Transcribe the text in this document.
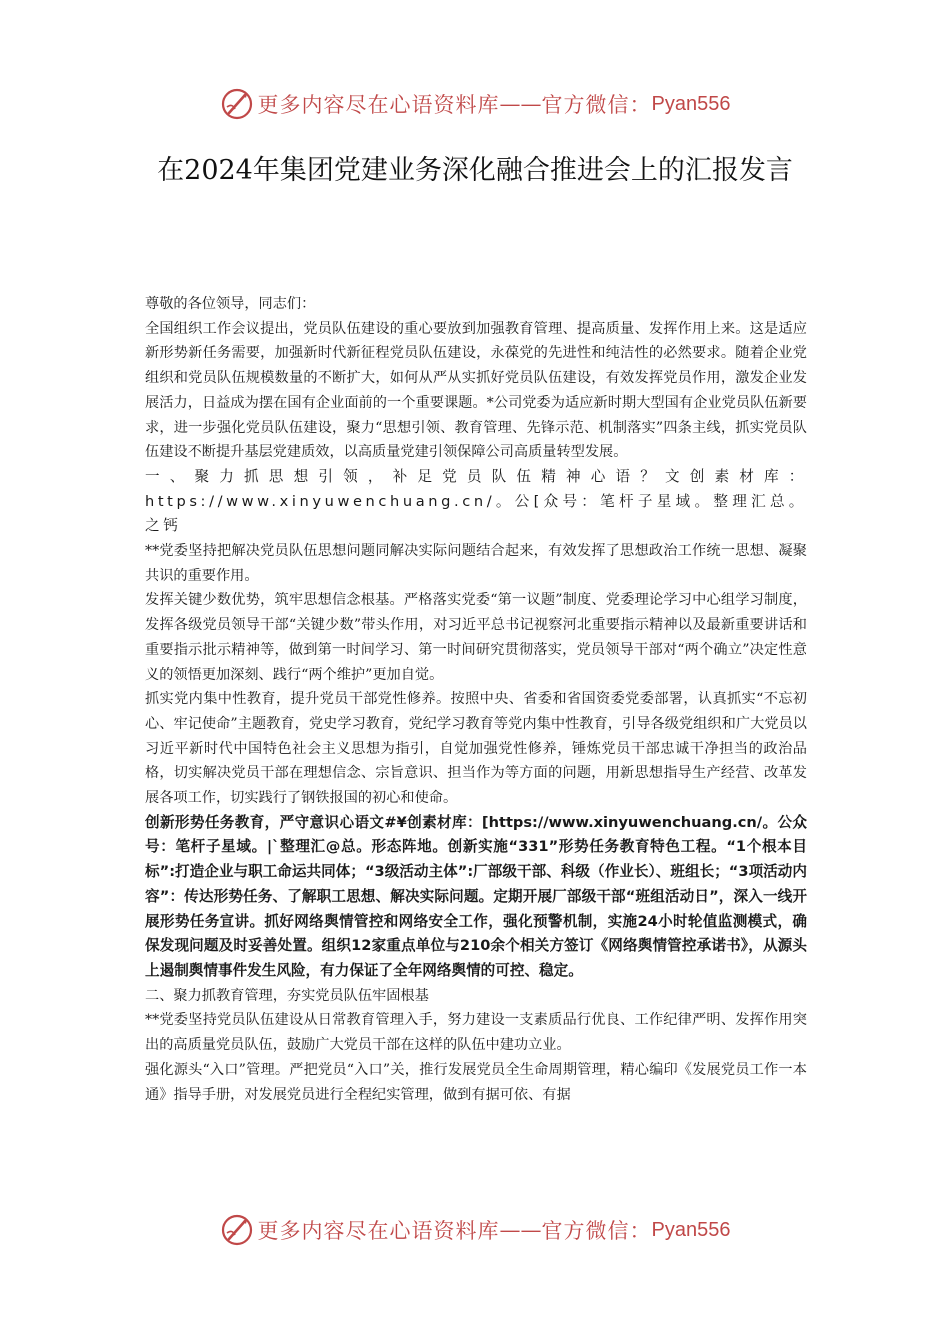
更多内容尽在心语资料库 —— 官方微信： Pyan556
在2024年集团党建业务深化融合推进会上的汇报发言

尊敬的各位领导，同志们：

全国组织工作会议提出，党员队伍建设的重心要放到加强教育管理、提高质量、发挥作用上来。这是适应新形势新任务需要，加强新时代新征程党员队伍建设，永葆党的先进性和纯洁性的必然要求。随着企业党组织和党员队伍规模数量的不断扩大，如何从严从实抓好党员队伍建设，有效发挥党员作用，激发企业发展活力，日益成为摆在国有企业面前的一个重要课题。*公司党委为适应新时期大型国有企业党员队伍新要求，进一步强化党员队伍建设，聚力“思想引领、教育管理、先锋示范、机制落实”四条主线，抓实党员队伍建设不断提升基层党建质效，以高质量党建引领保障公司高质量转型发展。

一、聚力抓思想引领，补足党员队伍精神心语？文创素材库：https://www.xinyuwenchuang.cn/。公[众号：笔杆子星域。整理汇总。之钙

**党委坚持把解决党员队伍思想问题同解决实际问题结合起来，有效发挥了思想政治工作统一思想、凝聚共识的重要作用。

发挥关键少数优势，筑牢思想信念根基。严格落实党委“第一议题”制度、党委理论学习中心组学习制度，发挥各级党员领导干部“关键少数”带头作用，对习近平总书记视察河北重要指示精神以及最新重要讲话和重要指示批示精神等，做到第一时间学习、第一时间研究贯彻落实，党员领导干部对“两个确立”决定性意义的领悟更加深刻、践行“两个维护”更加自觉。

抓实党内集中性教育，提升党员干部党性修养。按照中央、省委和省国资委党委部署，认真抓实“不忘初心、牢记使命”主题教育，党史学习教育，党纪学习教育等党内集中性教育，引导各级党组织和广大党员以习近平新时代中国特色社会主义思想为指引，自觉加强党性修养，锤炼党员干部忠诚干净担当的政治品格，切实解决党员干部在理想信念、宗旨意识、担当作为等方面的问题，用新思想指导生产经营、改革发展各项工作，切实践行了钢铁报国的初心和使命。

创新形势任务教育，严守意识心语文#¥创素材库：[https://www.xinyuwenchuang.cn/。公众号：笔杆子星域。|`整理汇@总。形态阵地。创新实施“331”形势任务教育特色工程。“1个根本目标”:打造企业与职工命运共同体；“3级活动主体”:厂部级干部、科级（作业长）、班组长；“3项活动内容”：传达形势任务、了解职工思想、解决实际问题。定期开展厂部级干部“班组活动日”，深入一线开展形势任务宣讲。抓好网络舆情管控和网络安全工作，强化预警机制，实施24小时轮值监测模式，确保发现问题及时妥善处置。组织12家重点单位与210余个相关方签订《网络舆情管控承诺书》，从源头上遏制舆情事件发生风险，有力保证了全年网络舆情的可控、稳定。

二、聚力抓教育管理，夯实党员队伍牢固根基

**党委坚持党员队伍建设从日常教育管理入手，努力建设一支素质品行优良、工作纪律严明、发挥作用突出的高质量党员队伍，鼓励广大党员干部在这样的队伍中建功立业。

强化源头“入口”管理。严把党员“入口”关，推行发展党员全生命周期管理，精心编印《发展党员工作一本通》指导手册，对发展党员进行全程纪实管理，做到有据可依、有据

更多内容尽在心语资料库 —— 官方微信： Pyan556
